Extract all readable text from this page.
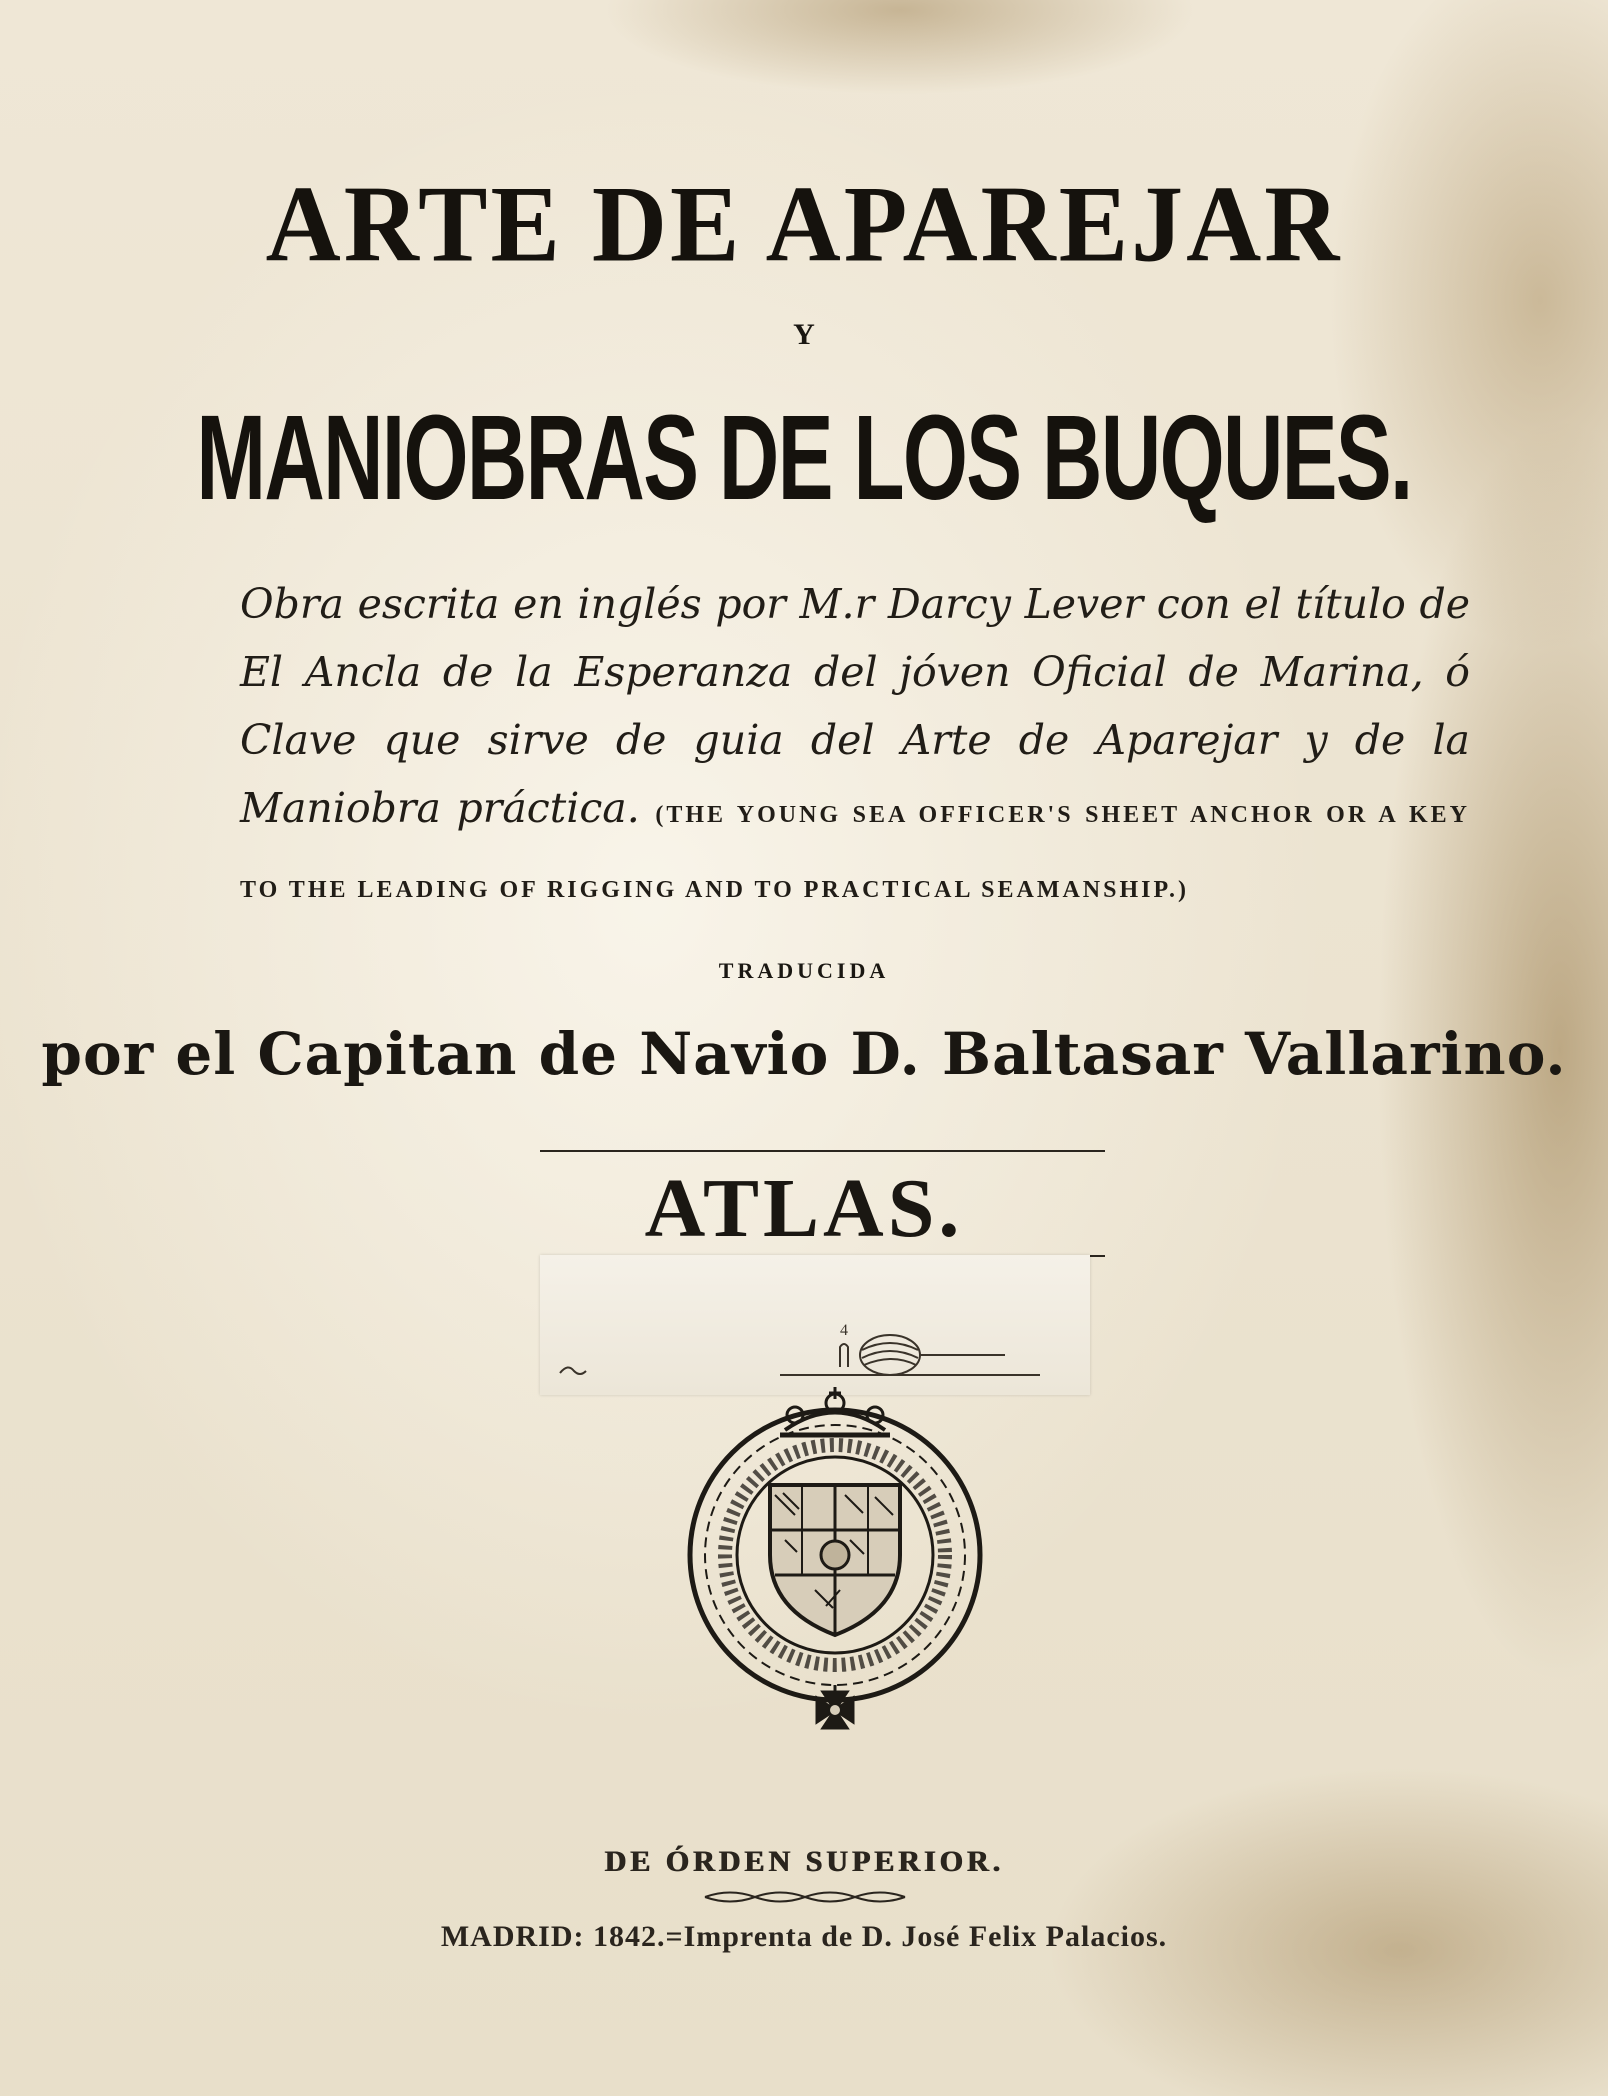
ARTE DE APAREJAR
Y
MANIOBRAS DE LOS BUQUES.
Obra escrita en inglés por M.r Darcy Lever con el título de El Ancla de la Esperanza del jóven Oficial de Marina, ó Clave que sirve de guia del Arte de Aparejar y de la Maniobra práctica. (THE YOUNG SEA OFFICER'S SHEET ANCHOR OR A KEY TO THE LEADING OF RIGGING AND TO PRACTICAL SEAMANSHIP.)
TRADUCIDA
por el Capitan de Navio D. Baltasar Vallarino.
ATLAS.
4
DE ÓRDEN SUPERIOR.
MADRID: 1842.=Imprenta de D. José Felix Palacios.
